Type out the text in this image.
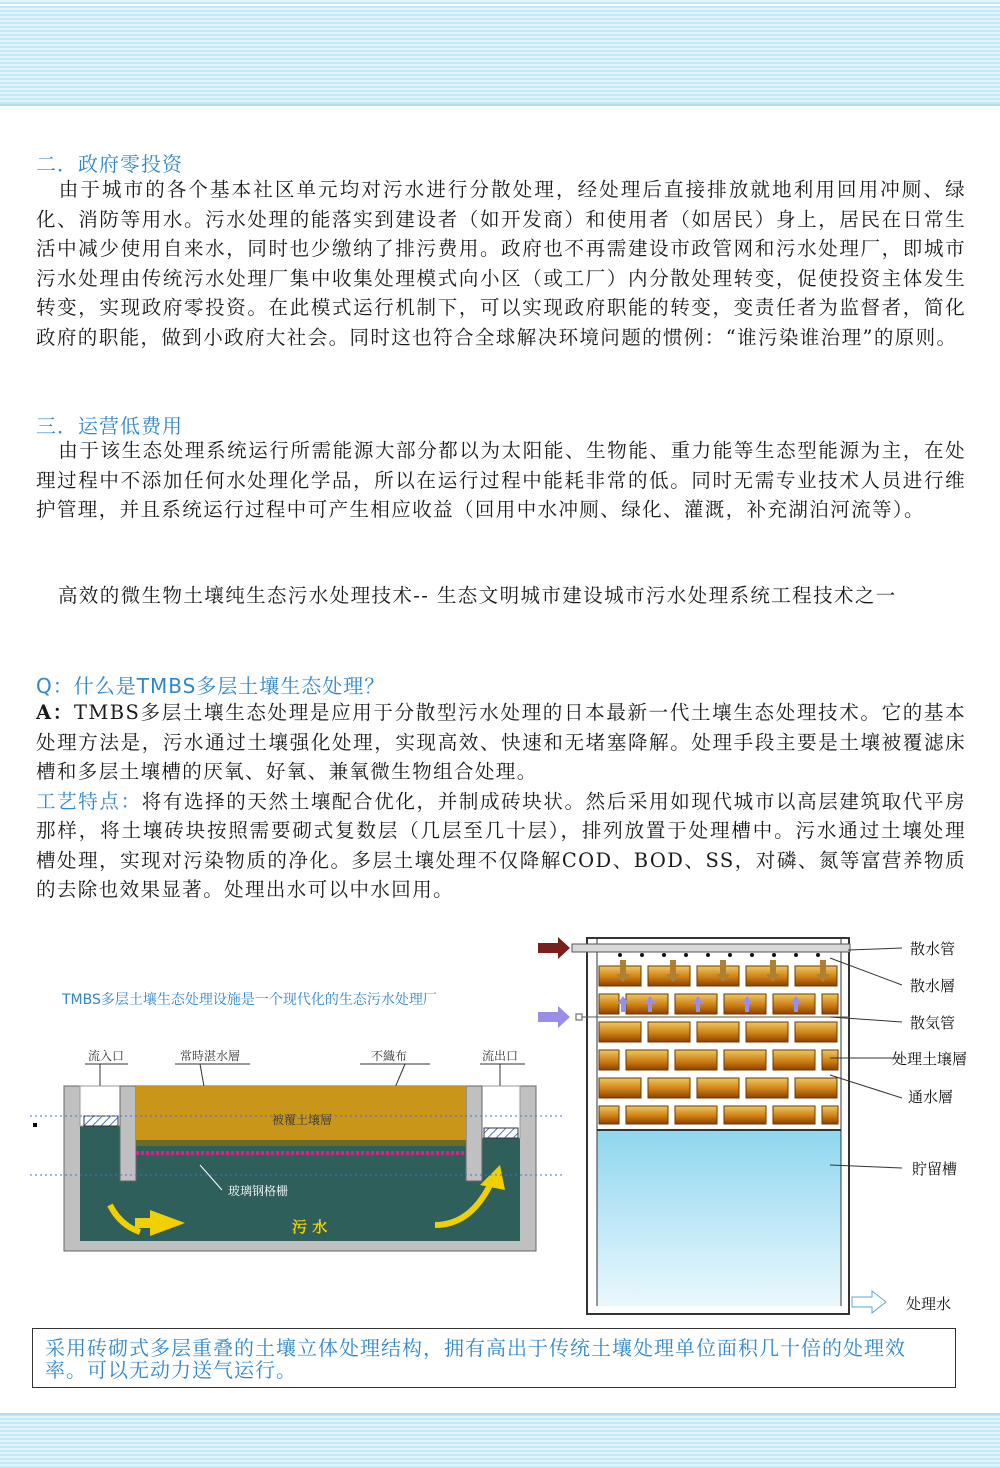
二．政府零投资

由于城市的各个基本社区单元均对污水进行分散处理，经处理后直接排放就地利用回用冲厕、绿化、消防等用水。污水处理的能落实到建设者（如开发商）和使用者（如居民）身上，居民在日常生活中减少使用自来水，同时也少缴纳了排污费用。政府也不再需建设市政管网和污水处理厂，即城市污水处理由传统污水处理厂集中收集处理模式向小区（或工厂）内分散处理转变，促使投资主体发生转变，实现政府零投资。在此模式运行机制下，可以实现政府职能的转变，变责任者为监督者，简化政府的职能，做到小政府大社会。同时这也符合全球解决环境问题的惯例：“谁污染谁治理”的原则。

三．运营低费用

由于该生态处理系统运行所需能源大部分都以为太阳能、生物能、重力能等生态型能源为主，在处理过程中不添加任何水处理化学品，所以在运行过程中能耗非常的低。同时无需专业技术人员进行维护管理，并且系统运行过程中可产生相应收益（回用中水冲厕、绿化、灌溉，补充湖泊河流等）。

高效的微生物土壤纯生态污水处理技术-- 生态文明城市建设城市污水处理系统工程技术之一

Q：什么是TMBS多层土壤生态处理？

A：TMBS多层土壤生态处理是应用于分散型污水处理的日本最新一代土壤生态处理技术。它的基本处理方法是，污水通过土壤强化处理，实现高效、快速和无堵塞降解。处理手段主要是土壤被覆滤床槽和多层土壤槽的厌氧、好氧、兼氧微生物组合处理。
工艺特点：将有选择的天然土壤配合优化，并制成砖块状。然后采用如现代城市以高层建筑取代平房那样，将土壤砖块按照需要砌式复数层（几层至几十层），排列放置于处理槽中。污水通过土壤处理槽处理，实现对污染物质的净化。多层土壤处理不仅降解COD、BOD、SS，对磷、氮等富营养物质的去除也效果显著。处理出水可以中水回用。

TMBS多层土壤生态处理设施是一个现代化的生态污水处理厂
流入口	常時湛水層	不織布	流出口
被覆土壌層
玻璃钢格栅
污 水
散水管
散水層
散気管
处理土壌層
通水層
貯留槽
处理水
采用砖砌式多层重叠的土壤立体处理结构，拥有高出于传统土壤处理单位面积几十倍的处理效率。可以无动力送气运行。
